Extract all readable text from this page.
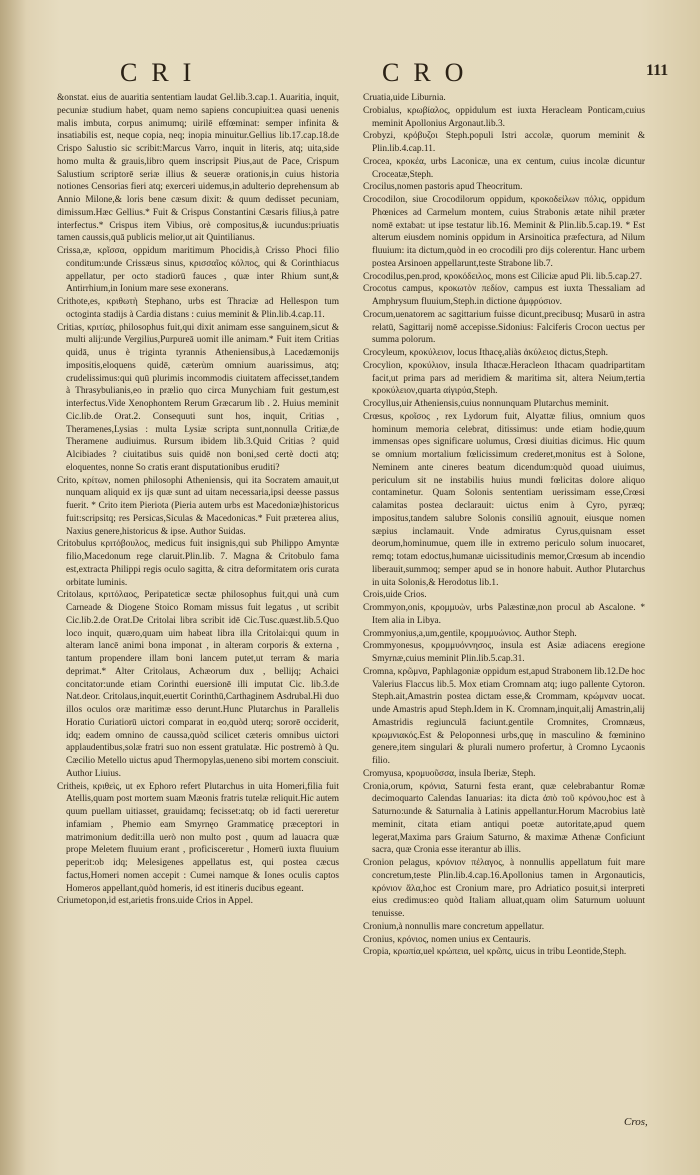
CRI	CRO	111

&onstat. eius de auaritia sententiam laudat Gel.lib.3.cap.1. Auaritia, inquit, pecuniæ studium habet, quam nemo sapiens concupiuit:ea quasi uenenis malis imbuta, corpus animumq; uirilē effœminat: semper infinita & insatiabilis est, neque copia, neq; inopia minuitur.Gellius lib.17.cap.18.de Crispo Salustio sic scribit:Marcus Varro, inquit in literis, atq; uita,side homo multa & grauis,libro quem inscripsit Pius,aut de Pace, Crispum Salustium scriptorē seriæ illius & seueræ orationis,in cuius historia notiones Censorias fieri atq; exerceri uidemus,in adulterio deprehensum ab Annio Milone,& loris bene cæsum dixit: & quum dedisset pecuniam, dimissum.Hæc Gellius.* Fuit & Crispus Constantini Cæsaris filius,à patre interfectus.* Crispus item Vibius, orè compositus,& iucundus:priuatis tamen caussis,quā publicis melior,ut ait Quintilianus.

Crissa,æ, κρῖσσα, oppidum maritimum Phocidis,à Crisso Phoci filio conditum:unde Crissæus sinus, κρισσαῖος κόλπος, qui & Corinthiacus appellatur, per octo stadiorū fauces , quæ inter Rhium sunt,& Antirrhium,in Ionium mare sese exonerans.

Crithote,es, κριθωτὴ Stephano, urbs est Thraciæ ad Hellespon tum octoginta stadijs à Cardia distans : cuius meminit & Plin.lib.4.cap.11.

Critias, κριτίας, philosophus fuit,qui dixit animam esse sanguinem,sicut & multi alij:unde Vergilius,Purpureā uomit ille animam.* Fuit item Critias quidā, unus è triginta tyrannis Atheniensibus,à Lacedæmonijs impositis,eloquens quidē, cæterùm omnium auarissimus, atq; crudelissimus:qui quū plurimis incommodis ciuitatem affecisset,tandem à Thrasybulianis,eo in prælio quo circa Munychiam fuit gestum,est interfectus.Vide Xenophontem Rerum Græcarum lib . 2. Huius meminit Cic.lib.de Orat.2. Consequuti sunt hos, inquit, Critias , Theramenes,Lysias : multa Lysiæ scripta sunt,nonnulla Critiæ,de Theramene audiuimus. Rursum ibidem lib.3.Quid Critias ? quid Alcibiades ? ciuitatibus suis quidē non boni,sed certè docti atq; eloquentes, nonne So cratis erant disputationibus eruditi?

Crito, κρίτων, nomen philosophi Atheniensis, qui ita Socratem amauit,ut nunquam aliquid ex ijs quæ sunt ad uitam necessaria,ipsi deesse passus fuerit. * Crito item Pieriota (Pieria autem urbs est Macedoniæ)historicus fuit:scripsitq; res Persicas,Siculas & Macedonicas.* Fuit præterea alius, Naxius genere,historicus & ipse. Author Suidas.

Critobulus κριτόβουλος, medicus fuit insignis,qui sub Philippo Amyntæ filio,Macedonum rege claruit.Plin.lib. 7. Magna & Critobulo fama est,extracta Philippi regis oculo sagitta, & citra deformitatem oris curata orbitate luminis.

Critolaus, κριτόλαος, Peripateticæ sectæ philosophus fuit,qui unà cum Carneade & Diogene Stoico Romam missus fuit legatus , ut scribit Cic.lib.2.de Orat.De Critolai libra scribit idē Cic.Tusc.quæst.lib.5.Quo loco inquit, quæro,quam uim habeat libra illa Critolai:qui quum in alteram lancē animi bona imponat , in alteram corporis & externa , tantum propendere illam boni lancem putet,ut terram & maria deprimat.* Alter Critolaus, Achæorum dux , bellijq; Achaici concitator:unde etiam Corinthi euersionē illi imputat Cic. lib.3.de Nat.deor. Critolaus,inquit,euertit Corinthū,Carthaginem Asdrubal.Hi duo illos oculos oræ maritimæ esso derunt.Hunc Plutarchus in Parallelis Horatio Curiatiorū uictori comparat in eo,quòd uterq; sororē occiderit, idq; eadem omnino de caussa,quòd scilicet cæteris omnibus uictori applaudentibus,solæ fratri suo non essent gratulatæ. Hic postremò à Qu. Cæcilio Metello uictus apud Thermopylas,ueneno sibi mortem consciuit. Author Liuius.

Critheis, κριθεὶς, ut ex Ephoro refert Plutarchus in uita Homeri,filia fuit Atellis,quam post mortem suam Mæonis fratris tutelæ reliquit.Hic autem quum puellam uitiasset, grauidamq; fecisset:atq; ob id facti uereretur infamiam , Phemio eam Smyrnęo Grammaticę præceptori in matrimonium dedit:illa uerò non multo post , quum ad lauacra quæ prope Meletem fluuium erant , proficisceretur , Homerū iuxta fluuium peperit:ob idq; Melesigenes appellatus est, qui postea cæcus factus,Homeri nomen accepit : Cumei namque & Iones oculis captos Homeros appellant,quòd homeris, id est itineris ducibus egeant.

Criumetopon,id est,arietis frons.uide Crios in Appel.

Cruatia,uide Liburnia.

Crobialus, κρωβίαλος, oppidulum est iuxta Heracleam Ponticam,cuius meminit Apollonius Argonaut.lib.3.

Crobyzi, κρόβυζοι Steph.populi Istri accolæ, quorum meminit & Plin.lib.4.cap.11.

Crocea, κροκέα, urbs Laconicæ, una ex centum, cuius incolæ dicuntur Croceatæ,Steph.

Crocilus,nomen pastoris apud Theocritum.

Crocodilon, siue Crocodilorum oppidum, κροκοδείλων πόλις, oppidum Phœnices ad Carmelum montem, cuius Strabonis ætate nihil præter nomē extabat: ut ipse testatur lib.16. Meminit & Plin.lib.5.cap.19. * Est alterum eiusdem nominis oppidum in Arsinoitica præfectura, ad Nilum fluuium: ita dictum,quòd in eo crocodili pro dijs colerentur. Hanc urbem postea Arsinoen appellarunt,teste Strabone lib.7.

Crocodilus,pen.prod, κροκόδειλος, mons est Ciliciæ apud Pli. lib.5.cap.27.

Crocotus campus, κροκωτὸν πεδίον, campus est iuxta Thessaliam ad Amphrysum fluuium,Steph.in dictione ἀμφρύσιον.

Crocum,uenatorem ac sagittarium fuisse dicunt,precibusq; Musarū in astra relatū, Sagittarij nomē accepisse.Sidonius: Falciferis Crocon uectus per summa polorum.

Crocyleum, κροκύλειον, locus Ithacę,aliàs ἀκύλειος dictus,Steph.

Crocylion, κροκύλιον, insula Ithacæ.Heracleon Ithacam quadripartitam facit,ut prima pars ad meridiem & maritima sit, altera Neium,tertia κροκύλειον,quarta αἰγιρύα,Steph.

Crocyllus,uir Atheniensis,cuius nonnunquam Plutarchus meminit.

Crœsus, κροῖσος , rex Lydorum fuit, Alyattæ filius, omnium quos hominum memoria celebrat, ditissimus: unde etiam hodie,quum immensas opes significare uolumus, Crœsi diuitias dicimus. Hic quum se omnium mortalium fœlicissimum crederet,monitus est à Solone, Neminem ante cineres beatum dicendum:quòd quoad uiuimus, periculum sit ne instabilis huius mundi fœlicitas dolore aliquo contaminetur. Quam Solonis sententiam uerissimam esse,Crœsi calamitas postea declarauit: uictus enim à Cyro, pyræq; impositus,tandem salubre Solonis consiliū agnouit, eiusque nomen sæpius inclamauit. Vnde admiratus Cyrus,quisnam esset deorum,hominumue, quem ille in extremo periculo solum inuocaret, remq; totam edoctus,humanæ uicissitudinis memor,Crœsum ab incendio liberauit,summoq; semper apud se in honore habuit. Author Plutarchus in uita Solonis,& Herodotus lib.1.

Crois,uide Crios.

Crommyon,onis, κρομμυὼν, urbs Palæstinæ,non procul ab Ascalone. * Item alia in Libya.

Crommyonius,a,um,gentile, κρομμυώνιος. Author Steph.

Crommyonesus, κρομμυόννησος, insula est Asiæ adiacens eregione Smyrnæ,cuius meminit Plin.lib.5.cap.31.

Cromna, κρῶμνα, Paphlagoniæ oppidum est,apud Strabonem lib.12.De hoc Valerius Flaccus lib.5. Mox etiam Cromnam atq; iugo pallente Cytoron. Steph.ait,Amastrin postea dictam esse,& Crommam, κρώμναν uocat. unde Amastris apud Steph.Idem in K. Cromnam,inquit,alij Amastrin,alij Amastridis regiunculā faciunt.gentile Cromnites, Cromnæus, κρωμνιακός.Est & Peloponnesi urbs,quę in masculino & fœminino genere,item singulari & plurali numero profertur, à Cromno Lycaonis filio.

Cromyusa, κρομυοῦσσα, insula Iberiæ, Steph.

Cronia,orum, κρόνια, Saturni festa erant, quæ celebrabantur Romæ decimoquarto Calendas Ianuarias: ita dicta ἀπὸ τοῦ κρόνου,hoc est à Saturno:unde & Saturnalia à Latinis appellantur.Horum Macrobius latè meminit, citata etiam antiqui poetæ autoritate,apud quem legerat,Maxima pars Graium Saturno, & maximæ Athenæ Conficiunt sacra, quæ Cronia esse iterantur ab illis.

Cronion pelagus, κρόνιον πέλαγος, à nonnullis appellatum fuit mare concretum,teste Plin.lib.4.cap.16.Apollonius tamen in Argonauticis, κρόνιον ἅλα,hoc est Cronium mare, pro Adriatico posuit,si interpreti eius credimus:eo quòd Italiam alluat,quam olim Saturnum uoluunt tenuisse.

Cronium,à nonnullis mare concretum appellatur.

Cronius, κρόνιος, nomen unius ex Centauris.

Cropia, κρωπία,uel κρώπεια, uel κρῶπς, uicus in tribu Leontide,Steph.

Cros,
